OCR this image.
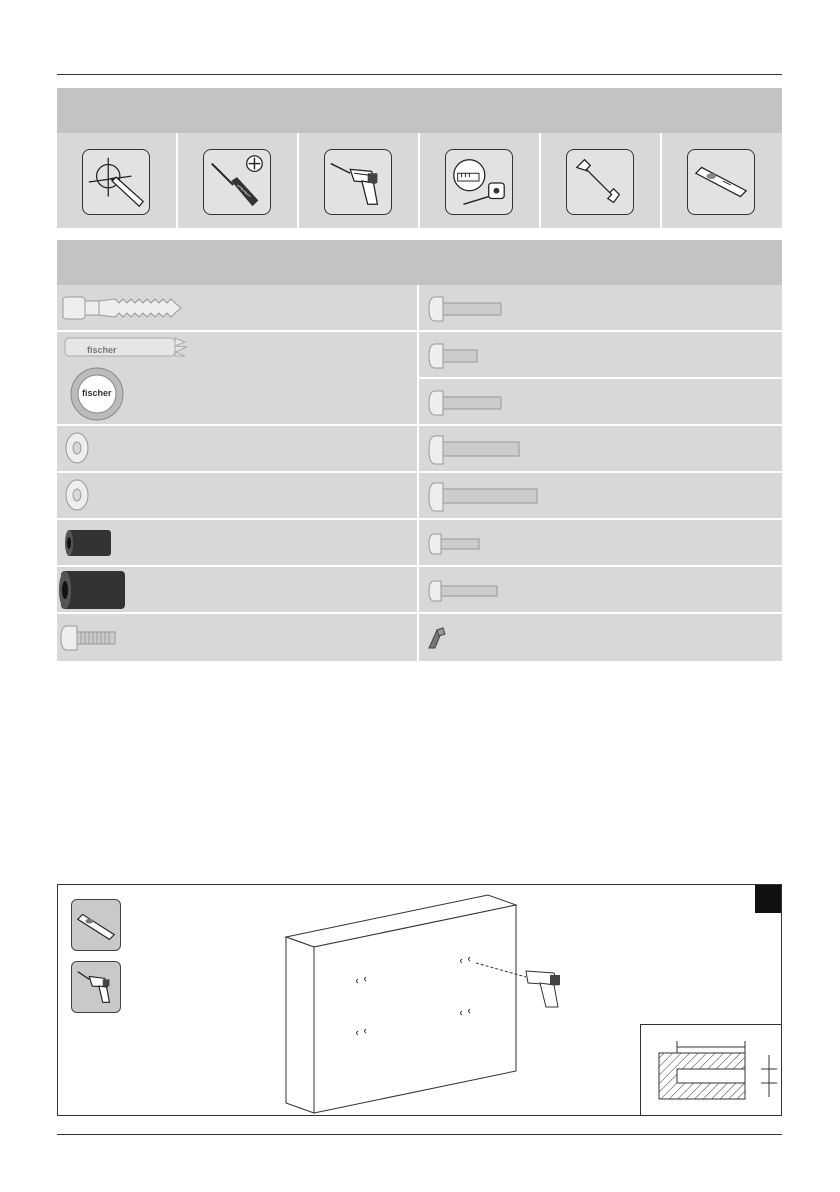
fischer
fischer
